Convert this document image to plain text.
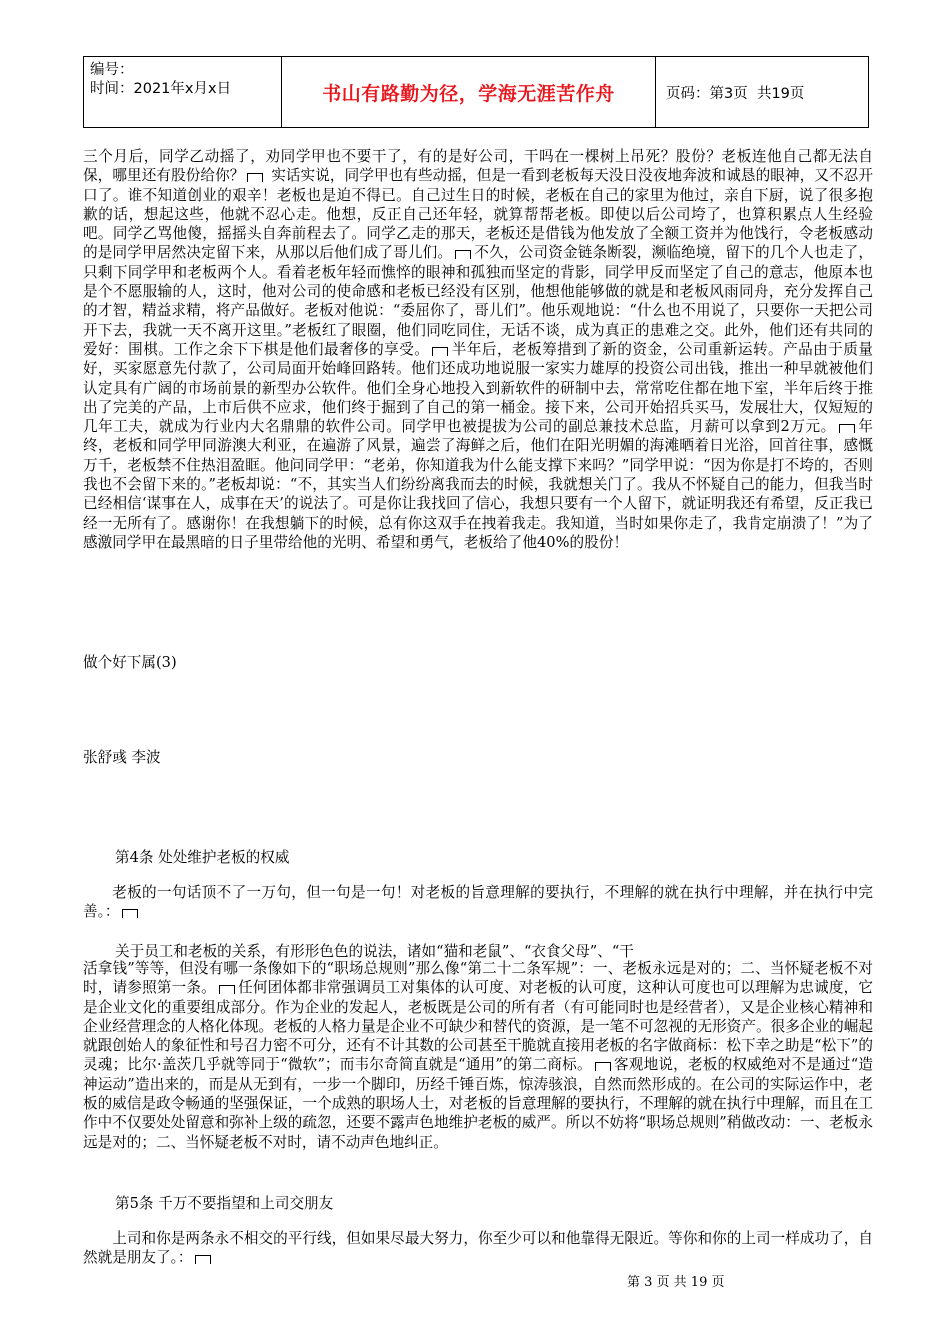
编号：
时间：2021年x月x日	书山有路勤为径，学海无涯苦作舟	页码：第3页  共19页

三个月后，同学乙动摇了，劝同学甲也不要干了，有的是好公司，干吗在一棵树上吊死？股份？老板连他自己都无法自保，哪里还有股份给你？ 实话实说，同学甲也有些动摇，但是一看到老板每天没日没夜地奔波和诚恳的眼神，又不忍开口了。谁不知道创业的艰辛！老板也是迫不得已。自己过生日的时候，老板在自己的家里为他过，亲自下厨，说了很多抱歉的话，想起这些，他就不忍心走。他想，反正自己还年轻，就算帮帮老板。即使以后公司垮了，也算积累点人生经验吧。同学乙骂他傻，摇摇头自奔前程去了。同学乙走的那天，老板还是借钱为他发放了全额工资并为他饯行，令老板感动的是同学甲居然决定留下来，从那以后他们成了哥儿们。 不久，公司资金链条断裂，濒临绝境，留下的几个人也走了，只剩下同学甲和老板两个人。看着老板年轻而憔悴的眼神和孤独而坚定的背影，同学甲反而坚定了自己的意志，他原本也是个不愿服输的人，这时，他对公司的使命感和老板已经没有区别，他想他能够做的就是和老板风雨同舟，充分发挥自己的才智，精益求精，将产品做好。老板对他说：“委屈你了，哥儿们”。他乐观地说：“什么也不用说了，只要你一天把公司开下去，我就一天不离开这里。”老板红了眼圈，他们同吃同住，无话不谈，成为真正的患难之交。此外，他们还有共同的爱好：围棋。工作之余下下棋是他们最奢侈的享受。 半年后，老板筹措到了新的资金，公司重新运转。产品由于质量好，买家愿意先付款了，公司局面开始峰回路转。他们还成功地说服一家实力雄厚的投资公司出钱，推出一种早就被他们认定具有广阔的市场前景的新型办公软件。他们全身心地投入到新软件的研制中去，常常吃住都在地下室，半年后终于推出了完美的产品，上市后供不应求，他们终于掘到了自己的第一桶金。接下来，公司开始招兵买马，发展壮大，仅短短的几年工夫，就成为行业内大名鼎鼎的软件公司。同学甲也被提拔为公司的副总兼技术总监，月薪可以拿到2万元。 年终，老板和同学甲同游澳大利亚，在遍游了风景，遍尝了海鲜之后，他们在阳光明媚的海滩晒着日光浴，回首往事，感慨万千，老板禁不住热泪盈眶。他问同学甲：“老弟，你知道我为什么能支撑下来吗？”同学甲说：“因为你是打不垮的，否则我也不会留下来的。”老板却说：“不，其实当人们纷纷离我而去的时候，我就想关门了。我从不怀疑自己的能力，但我当时已经相信‘谋事在人，成事在天’的说法了。可是你让我找回了信心，我想只要有一个人留下，就证明我还有希望，反正我已经一无所有了。感谢你！在我想躺下的时候，总有你这双手在拽着我走。我知道，当时如果你走了，我肯定崩溃了！”为了感激同学甲在最黑暗的日子里带给他的光明、希望和勇气，老板给了他40%的股份！

做个好下属(3)

张舒彧 李波

第4条 处处维护老板的权威

老板的一句话顶不了一万句，但一句是一句！对老板的旨意理解的要执行，不理解的就在执行中理解，并在执行中完善。：

关于员工和老板的关系，有形形色色的说法，诸如“猫和老鼠”、“衣食父母”、“干

活拿钱”等等，但没有哪一条像如下的“职场总规则”那么像“第二十二条军规”：一、老板永远是对的；二、当怀疑老板不对时，请参照第一条。 任何团体都非常强调员工对集体的认可度、对老板的认可度，这种认可度也可以理解为忠诚度，它是企业文化的重要组成部分。作为企业的发起人，老板既是公司的所有者（有可能同时也是经营者），又是企业核心精神和企业经营理念的人格化体现。老板的人格力量是企业不可缺少和替代的资源，是一笔不可忽视的无形资产。很多企业的崛起就跟创始人的象征性和号召力密不可分，还有不计其数的公司甚至干脆就直接用老板的名字做商标：松下幸之助是“松下”的灵魂；比尔·盖茨几乎就等同于“微软”；而韦尔奇简直就是“通用”的第二商标。 客观地说，老板的权威绝对不是通过“造神运动”造出来的，而是从无到有，一步一个脚印，历经千锤百炼，惊涛骇浪，自然而然形成的。在公司的实际运作中，老板的威信是政令畅通的坚强保证，一个成熟的职场人士，对老板的旨意理解的要执行，不理解的就在执行中理解，而且在工作中不仅要处处留意和弥补上级的疏忽，还要不露声色地维护老板的威严。所以不妨将“职场总规则”稍做改动：一、老板永远是对的；二、当怀疑老板不对时，请不动声色地纠正。

第5条 千万不要指望和上司交朋友

上司和你是两条永不相交的平行线，但如果尽最大努力，你至少可以和他靠得无限近。等你和你的上司一样成功了，自然就是朋友了。：

第 3 页 共 19 页
